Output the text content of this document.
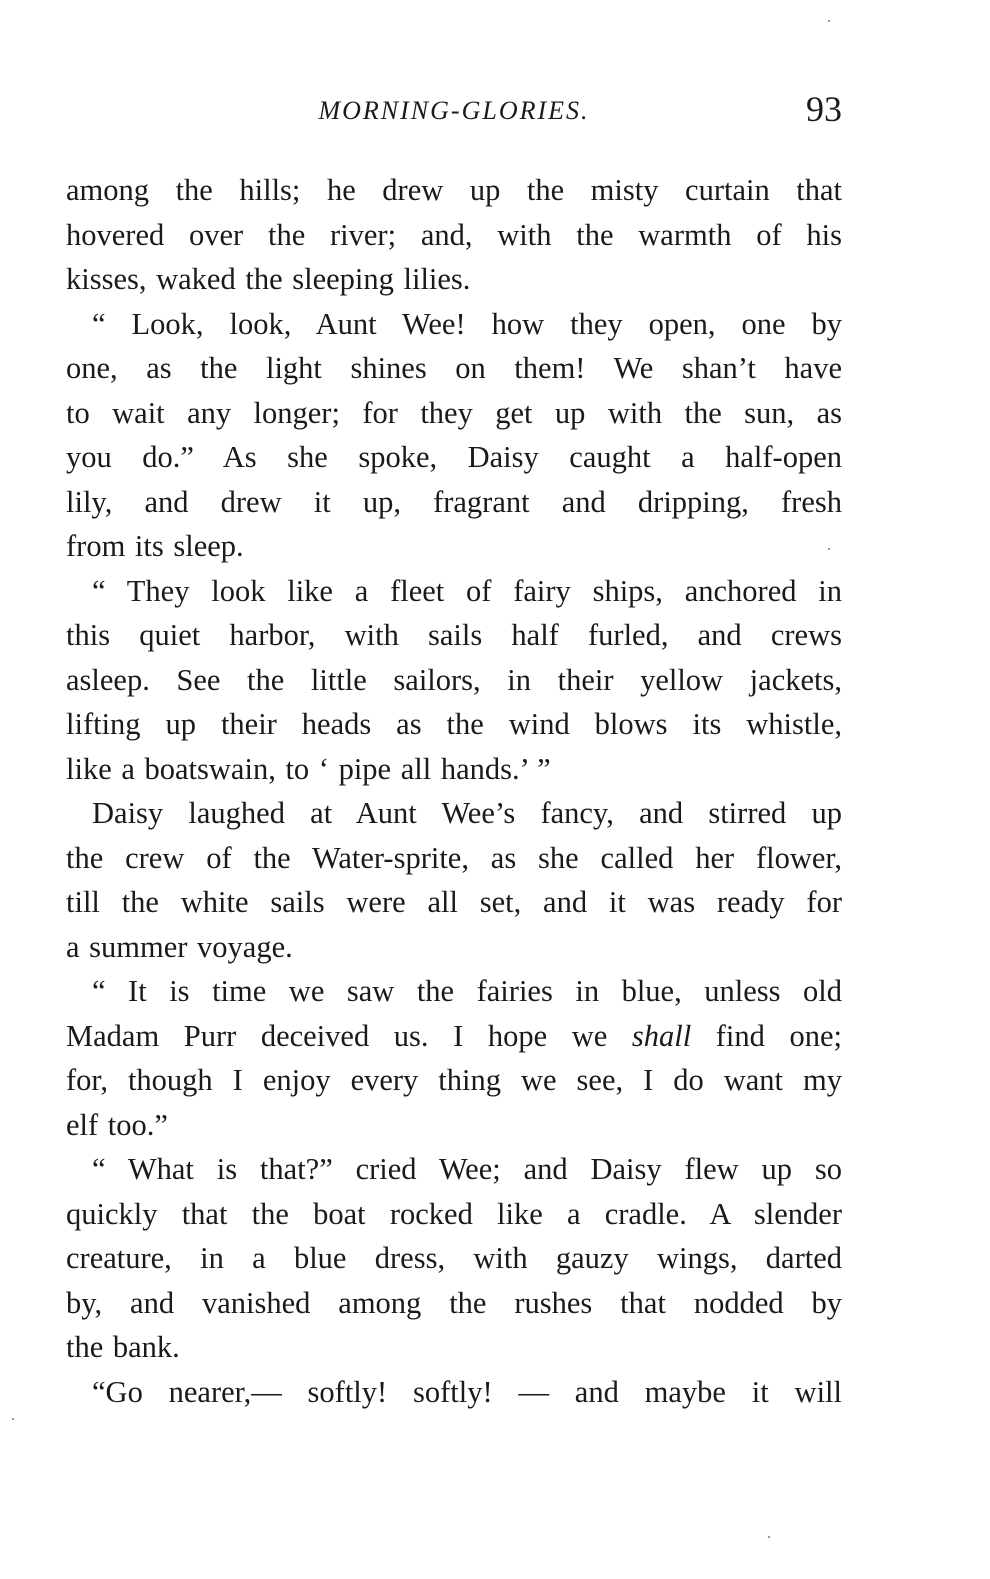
MORNING-GLORIES.	93
among the hills; he drew up the misty curtain that
hovered over the river; and, with the warmth of his
kisses, waked the sleeping lilies.
“ Look, look, Aunt Wee! how they open, one by
one, as the light shines on them! We shan’t have
to wait any longer; for they get up with the sun, as
you do.” As she spoke, Daisy caught a half-open
lily, and drew it up, fragrant and dripping, fresh
from its sleep.
“ They look like a fleet of fairy ships, anchored in
this quiet harbor, with sails half furled, and crews
asleep. See the little sailors, in their yellow jackets,
lifting up their heads as the wind blows its whistle,
like a boatswain, to ‘ pipe all hands.’ ”
Daisy laughed at Aunt Wee’s fancy, and stirred up
the crew of the Water-sprite, as she called her flower,
till the white sails were all set, and it was ready for
a summer voyage.
“ It is time we saw the fairies in blue, unless old
Madam Purr deceived us. I hope we shall find one;
for, though I enjoy every thing we see, I do want my
elf too.”
“ What is that?” cried Wee; and Daisy flew up so
quickly that the boat rocked like a cradle. A slender
creature, in a blue dress, with gauzy wings, darted
by, and vanished among the rushes that nodded by
the bank.
“Go nearer,— softly! softly! — and maybe it will
